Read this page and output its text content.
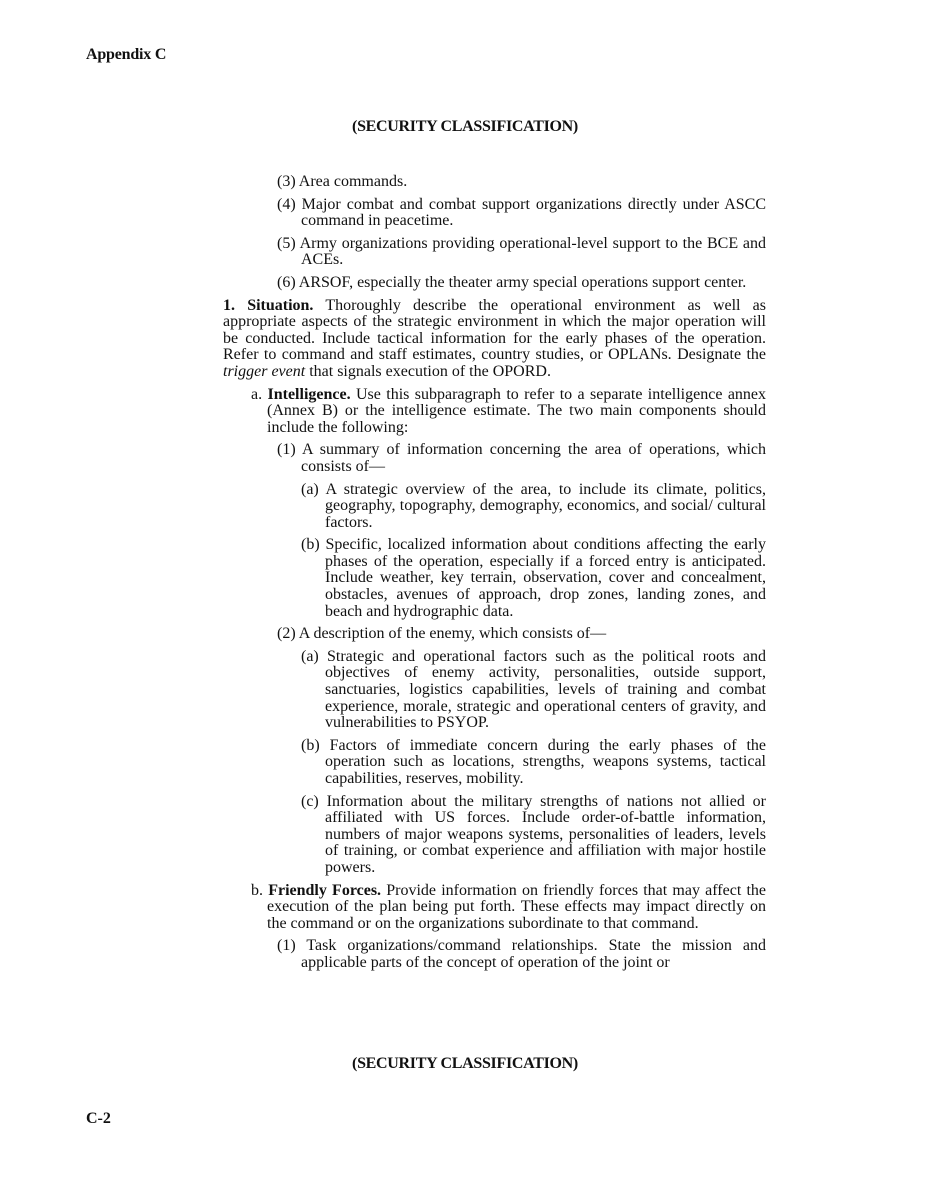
Appendix C
(SECURITY CLASSIFICATION)

(3) Area commands.

(4) Major combat and combat support organizations directly under ASCC command in peacetime.

(5) Army organizations providing operational-level support to the BCE and ACEs.

(6) ARSOF, especially the theater army special operations support center.

1. Situation. Thoroughly describe the operational environment as well as appropriate aspects of the strategic environment in which the major operation will be conducted. Include tactical information for the early phases of the operation. Refer to command and staff estimates, country studies, or OPLANs. Designate the trigger event that signals execution of the OPORD.

a. Intelligence. Use this subparagraph to refer to a separate intelligence annex (Annex B) or the intelligence estimate. The two main components should include the following:

(1) A summary of information concerning the area of operations, which consists of—

(a) A strategic overview of the area, to include its climate, politics, geography, topography, demography, economics, and social/ cultural factors.

(b) Specific, localized information about conditions affecting the early phases of the operation, especially if a forced entry is anticipated. Include weather, key terrain, observation, cover and concealment, obstacles, avenues of approach, drop zones, landing zones, and beach and hydrographic data.

(2) A description of the enemy, which consists of—

(a) Strategic and operational factors such as the political roots and objectives of enemy activity, personalities, outside support, sanctuaries, logistics capabilities, levels of training and combat experience, morale, strategic and operational centers of gravity, and vulnerabilities to PSYOP.

(b) Factors of immediate concern during the early phases of the operation such as locations, strengths, weapons systems, tactical capabilities, reserves, mobility.

(c) Information about the military strengths of nations not allied or affiliated with US forces. Include order-of-battle information, numbers of major weapons systems, personalities of leaders, levels of training, or combat experience and affiliation with major hostile powers.

b. Friendly Forces. Provide information on friendly forces that may affect the execution of the plan being put forth. These effects may impact directly on the command or on the organizations subordinate to that command.

(1) Task organizations/command relationships. State the mission and applicable parts of the concept of operation of the joint or

(SECURITY CLASSIFICATION)
C-2
